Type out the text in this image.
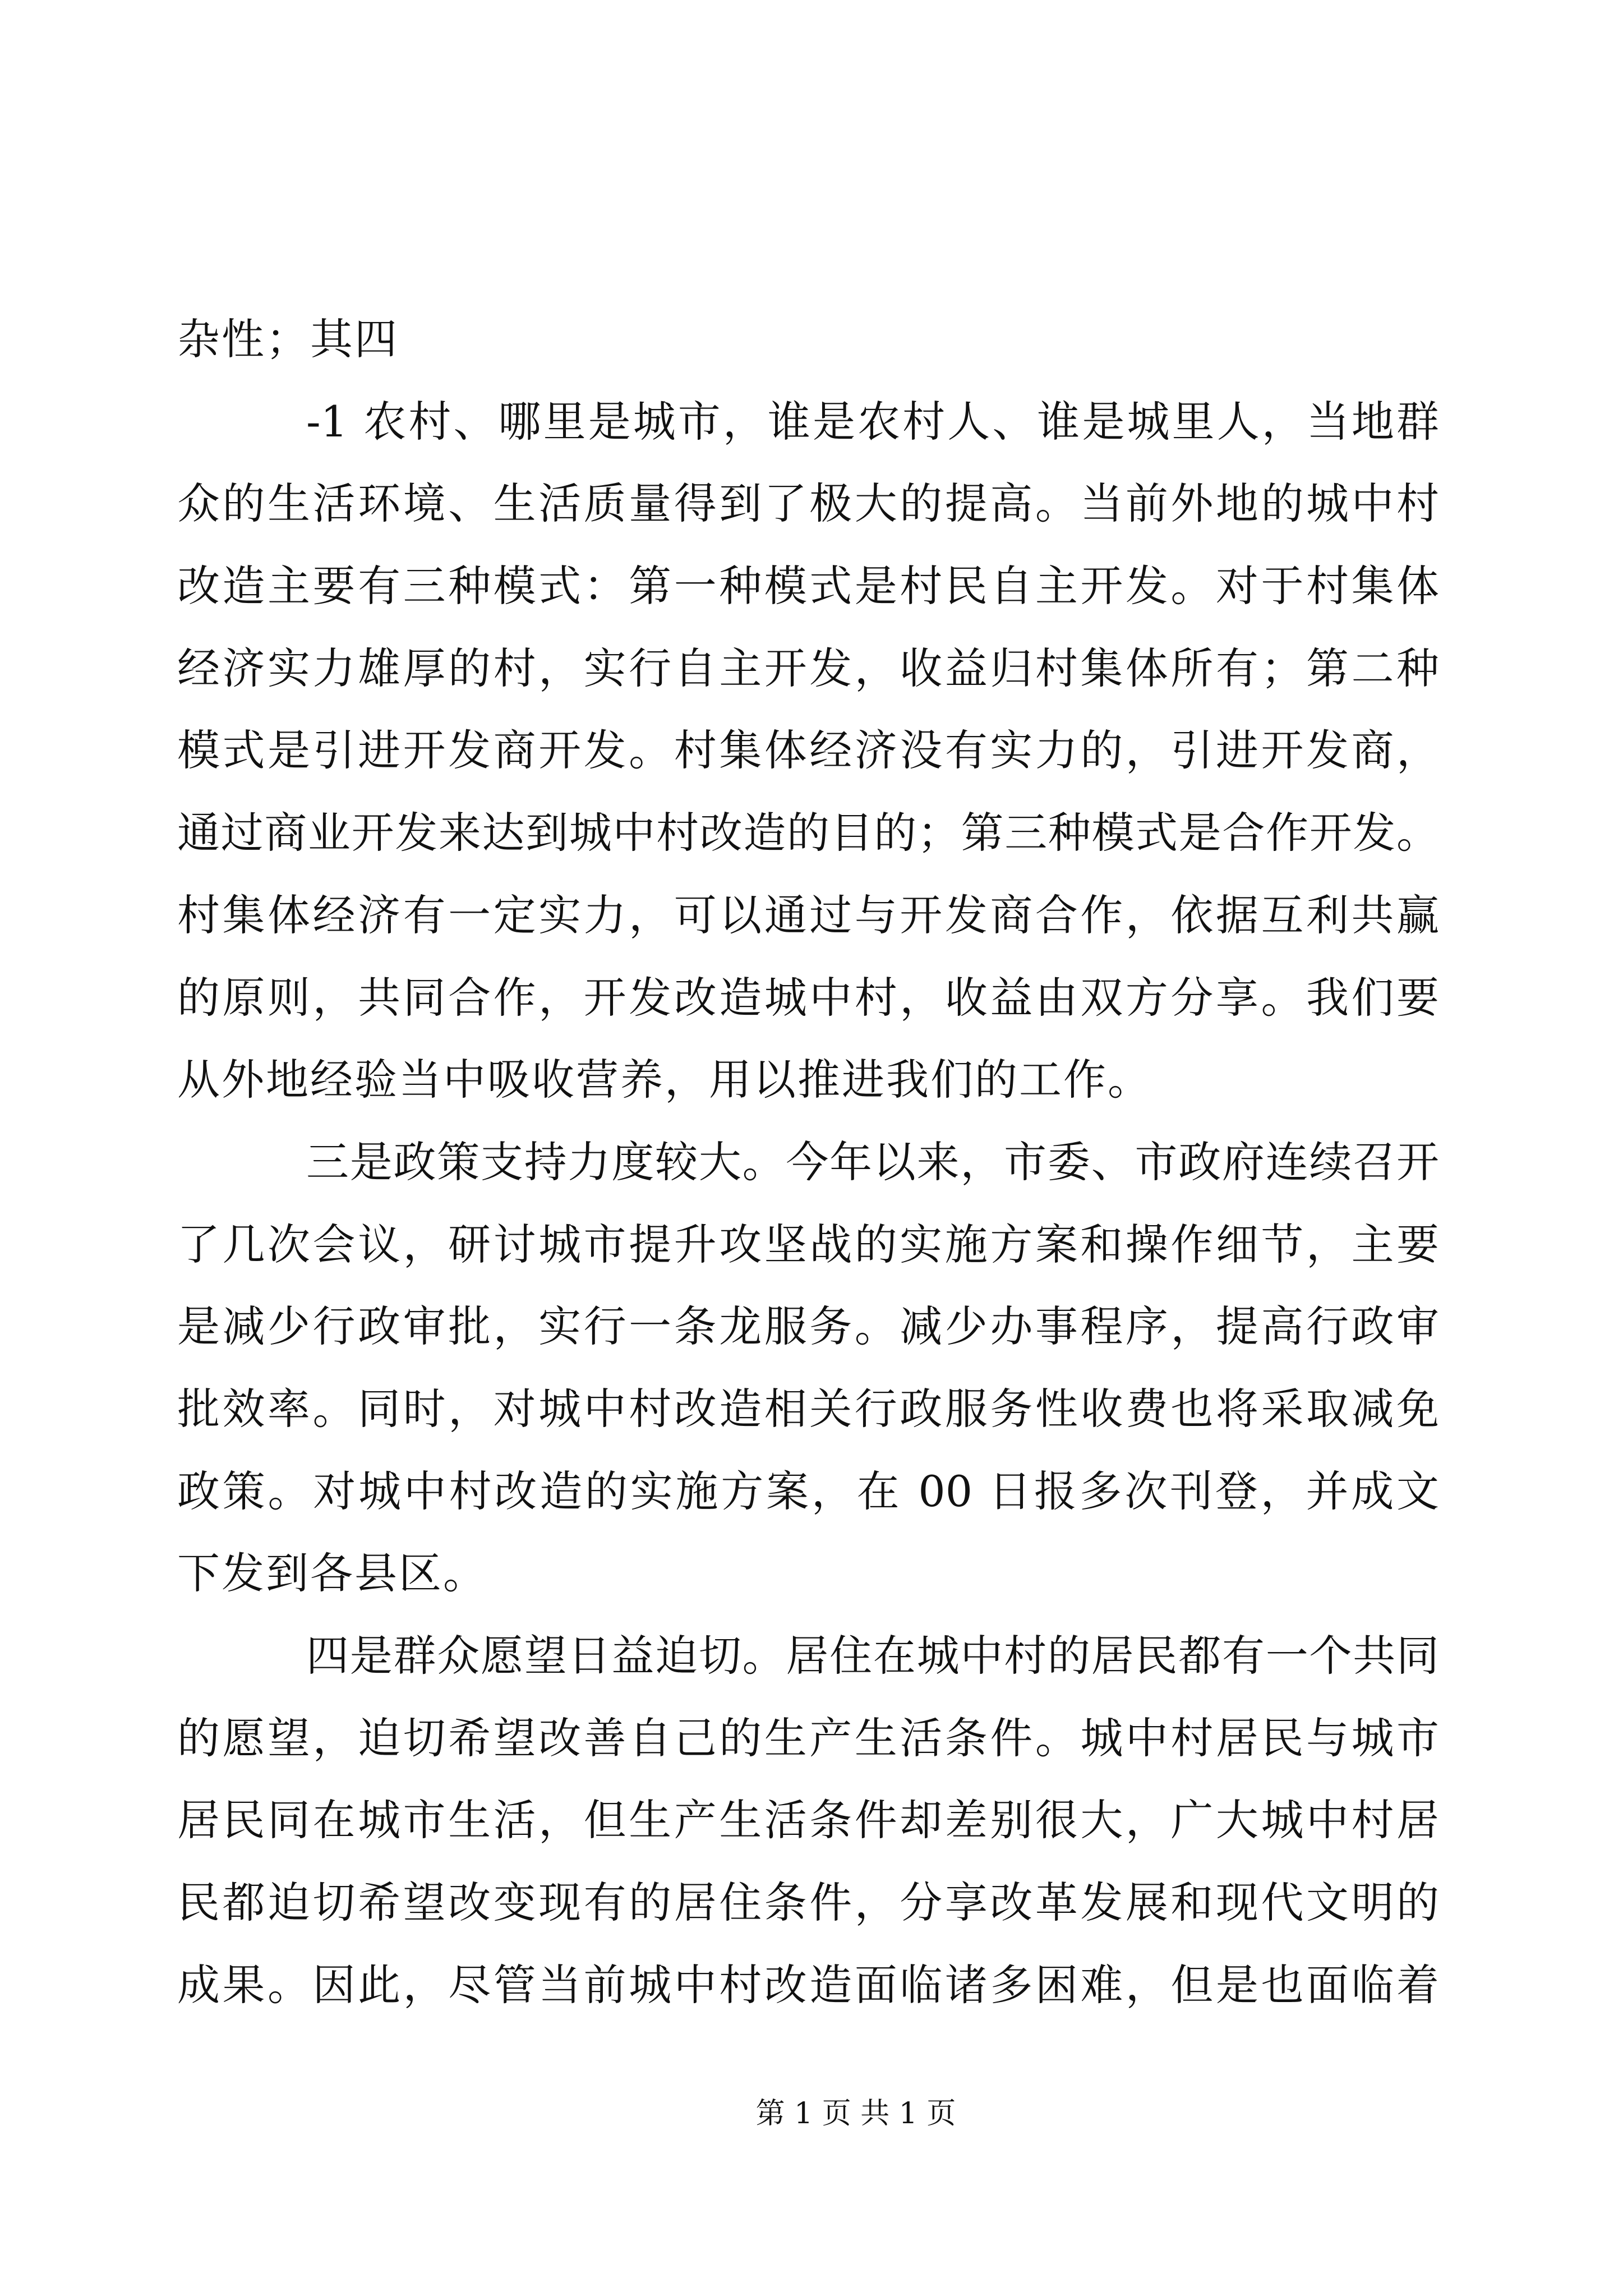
杂性；其四
-1 农村、哪里是城市，谁是农村人、谁是城里人，当地群
众的生活环境、生活质量得到了极大的提高。当前外地的城中村
改造主要有三种模式：第一种模式是村民自主开发。对于村集体
经济实力雄厚的村，实行自主开发，收益归村集体所有；第二种
模式是引进开发商开发。村集体经济没有实力的，引进开发商，
通过商业开发来达到城中村改造的目的；第三种模式是合作开发。
村集体经济有一定实力，可以通过与开发商合作，依据互利共赢
的原则，共同合作，开发改造城中村，收益由双方分享。我们要
从外地经验当中吸收营养，用以推进我们的工作。
三是政策支持力度较大。今年以来，市委、市政府连续召开
了几次会议，研讨城市提升攻坚战的实施方案和操作细节，主要
是减少行政审批，实行一条龙服务。减少办事程序，提高行政审
批效率。同时，对城中村改造相关行政服务性收费也将采取减免
政策。对城中村改造的实施方案，在 00 日报多次刊登，并成文
下发到各县区。
四是群众愿望日益迫切。居住在城中村的居民都有一个共同
的愿望，迫切希望改善自己的生产生活条件。城中村居民与城市
居民同在城市生活，但生产生活条件却差别很大，广大城中村居
民都迫切希望改变现有的居住条件，分享改革发展和现代文明的
成果。因此，尽管当前城中村改造面临诸多困难，但是也面临着
第 1 页 共 1 页
